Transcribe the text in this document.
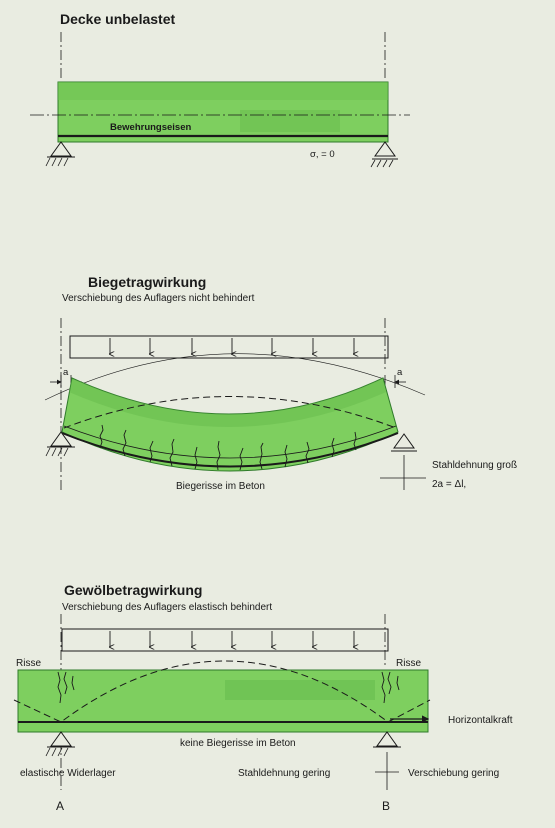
Decke unbelastet
Bewehrungseisen
σ, = 0
Biegetragwirkung
Verschiebung des Auflagers nicht behindert
a	a
Biegerisse im Beton
Stahldehnung groß
2a = Δl,
Gewölbetragwirkung
Verschiebung des Auflagers elastisch behindert
Risse	Risse
Horizontalkraft
keine Biegerisse im Beton
elastische Widerlager	Stahldehnung gering	Verschiebung gering
A	B
